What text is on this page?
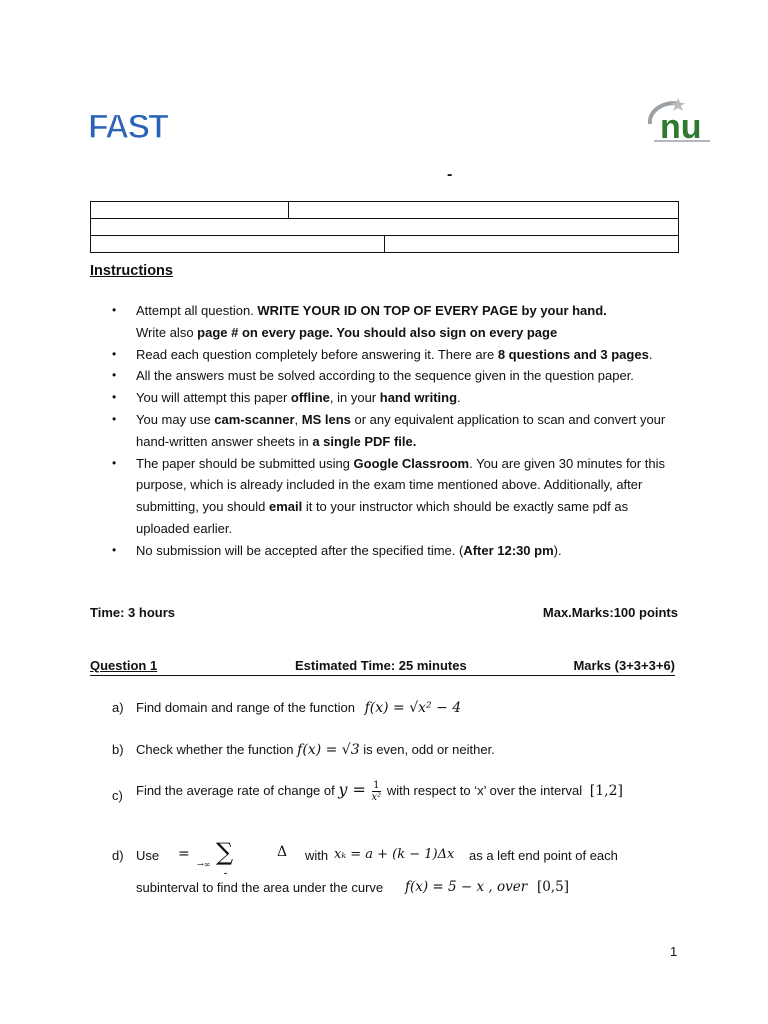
FAST	nu
-

Instructions
• Attempt all question. WRITE YOUR ID ON TOP OF EVERY PAGE by your hand.
Write also page # on every page. You should also sign on every page
• Read each question completely before answering it. There are 8 questions and 3 pages.
• All the answers must be solved according to the sequence given in the question paper.
• You will attempt this paper offline, in your hand writing.
• You may use cam-scanner, MS lens or any equivalent application to scan and convert your hand-written answer sheets in a single PDF file.
• The paper should be submitted using Google Classroom. You are given 30 minutes for this purpose, which is already included in the exam time mentioned above. Additionally, after submitting, you should email it to your instructor which should be exactly same pdf as uploaded earlier.
• No submission will be accepted after the specified time. (After 12:30 pm).
Time: 3 hours	Max.Marks:100 points
Question 1	Estimated Time: 25 minutes	Marks (3+3+3+6)
a) Find domain and range of the function f(x) = √x² − 4
b) Check whether the function f(x) = √3 is even, odd or neither.
c) Find the average rate of change of $y = \frac{1}{\text{x²}}$ with respect to ‘x’ over the interval [1,2]
d) Use =
→∞ ∑
-
Δ with xₖ = a + (k − 1)Δx as a left end point of each
subinterval to find the area under the curve f(x) = 5 − x , over [0,5]
1
